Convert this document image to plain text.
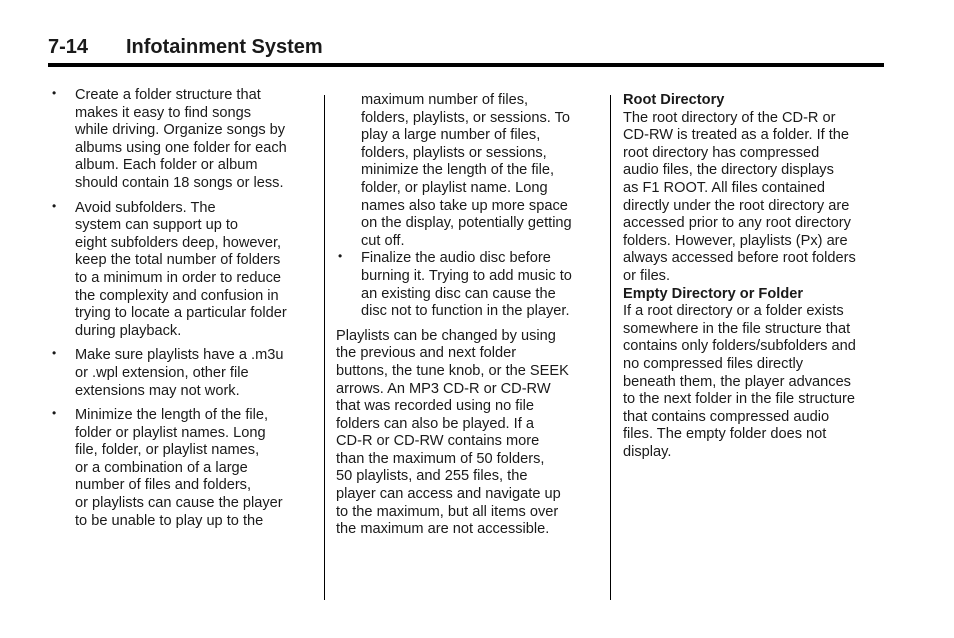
7-14	Infotainment System
• Create a folder structure that
makes it easy to find songs
while driving. Organize songs by
albums using one folder for each
album. Each folder or album
should contain 18 songs or less.

• Avoid subfolders. The
system can support up to
eight subfolders deep, however,
keep the total number of folders
to a minimum in order to reduce
the complexity and confusion in
trying to locate a particular folder
during playback.

• Make sure playlists have a .m3u
or .wpl extension, other file
extensions may not work.

• Minimize the length of the file,
folder or playlist names. Long
file, folder, or playlist names,
or a combination of a large
number of files and folders,
or playlists can cause the player
to be unable to play up to the

maximum number of files,
folders, playlists, or sessions. To
play a large number of files,
folders, playlists or sessions,
minimize the length of the file,
folder, or playlist name. Long
names also take up more space
on the display, potentially getting
cut off.

• Finalize the audio disc before
burning it. Trying to add music to
an existing disc can cause the
disc not to function in the player.

Playlists can be changed by using
the previous and next folder
buttons, the tune knob, or the SEEK
arrows. An MP3 CD-R or CD-RW
that was recorded using no file
folders can also be played. If a
CD-R or CD-RW contains more
than the maximum of 50 folders,
50 playlists, and 255 files, the
player can access and navigate up
to the maximum, but all items over
the maximum are not accessible.

Root Directory

The root directory of the CD-R or
CD-RW is treated as a folder. If the
root directory has compressed
audio files, the directory displays
as F1 ROOT. All files contained
directly under the root directory are
accessed prior to any root directory
folders. However, playlists (Px) are
always accessed before root folders
or files.

Empty Directory or Folder

If a root directory or a folder exists
somewhere in the file structure that
contains only folders/subfolders and
no compressed files directly
beneath them, the player advances
to the next folder in the file structure
that contains compressed audio
files. The empty folder does not
display.
